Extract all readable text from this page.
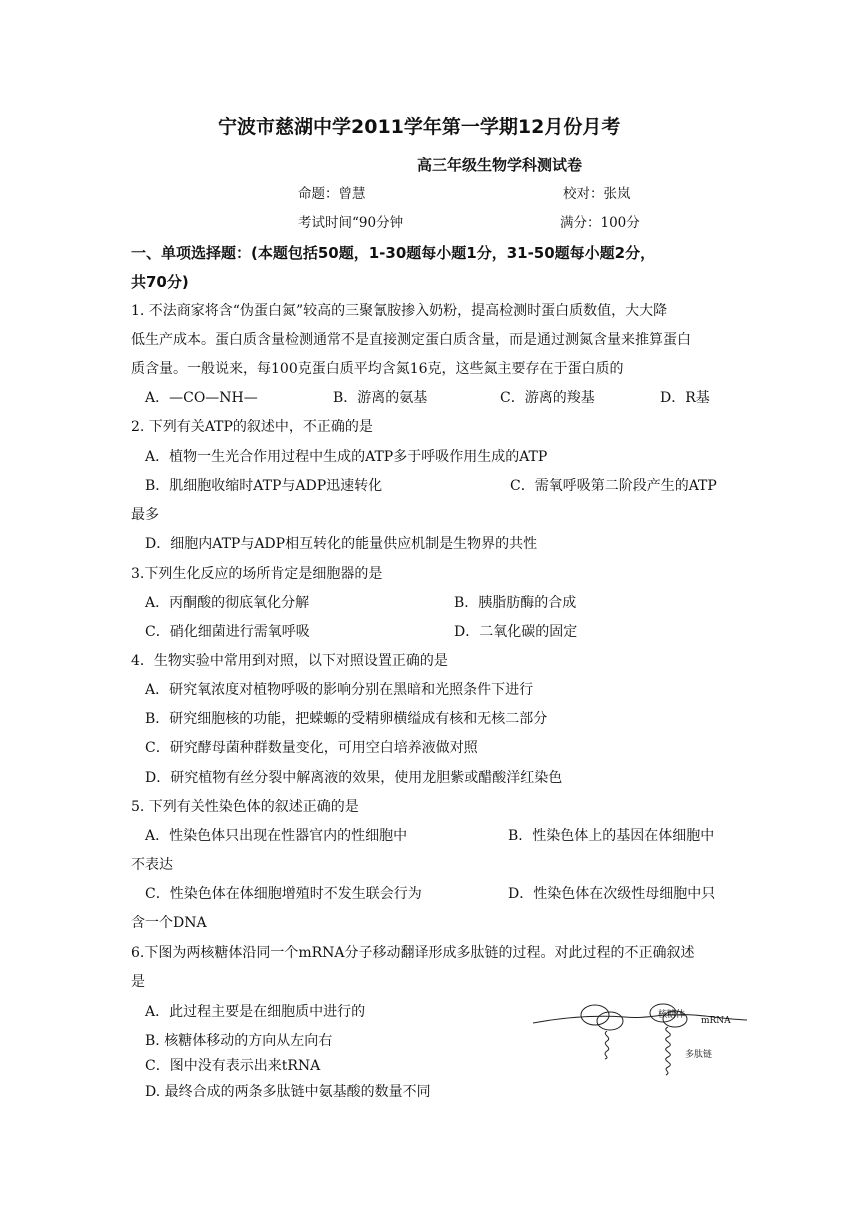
宁波市慈湖中学2011学年第一学期12月份月考
高三年级生物学科测试卷
命题：曾慧	校对：张岚
考试时间“90分钟	满分：100分
一、单项选择题：(本题包括50题，1-30题每小题1分，31-50题每小题2分，
共70分)
1. 不法商家将含“伪蛋白氮”较高的三聚氰胺掺入奶粉，提高检测时蛋白质数值，大大降
低生产成本。蛋白质含量检测通常不是直接测定蛋白质含量，而是通过测氮含量来推算蛋白
质含量。一般说来，每100克蛋白质平均含氮16克，这些氮主要存在于蛋白质的
A．—CO—NH—	B．游离的氨基	C．游离的羧基	D．R基
2. 下列有关ATP的叙述中，不正确的是
A．植物一生光合作用过程中生成的ATP多于呼吸作用生成的ATP
B．肌细胞收缩时ATP与ADP迅速转化	C．需氧呼吸第二阶段产生的ATP
最多
D．细胞内ATP与ADP相互转化的能量供应机制是生物界的共性
3.下列生化反应的场所肯定是细胞器的是
A．丙酮酸的彻底氧化分解	B．胰脂肪酶的合成
C．硝化细菌进行需氧呼吸	D．二氧化碳的固定
4．生物实验中常用到对照，以下对照设置正确的是
A．研究氧浓度对植物呼吸的影响分别在黑暗和光照条件下进行
B．研究细胞核的功能，把蝾螈的受精卵横缢成有核和无核二部分
C．研究酵母菌种群数量变化，可用空白培养液做对照
D．研究植物有丝分裂中解离液的效果，使用龙胆紫或醋酸洋红染色
5. 下列有关性染色体的叙述正确的是
A．性染色体只出现在性器官内的性细胞中	B．性染色体上的基因在体细胞中
不表达
C．性染色体在体细胞增殖时不发生联会行为	D．性染色体在次级性母细胞中只
含一个DNA
6.下图为两核糖体沿同一个mRNA分子移动翻译形成多肽链的过程。对此过程的不正确叙述
是
A．此过程主要是在细胞质中进行的
B. 核糖体移动的方向从左向右
C．图中没有表示出来tRNA
D. 最终合成的两条多肽链中氨基酸的数量不同
核糖体
mRNA
多肽链
